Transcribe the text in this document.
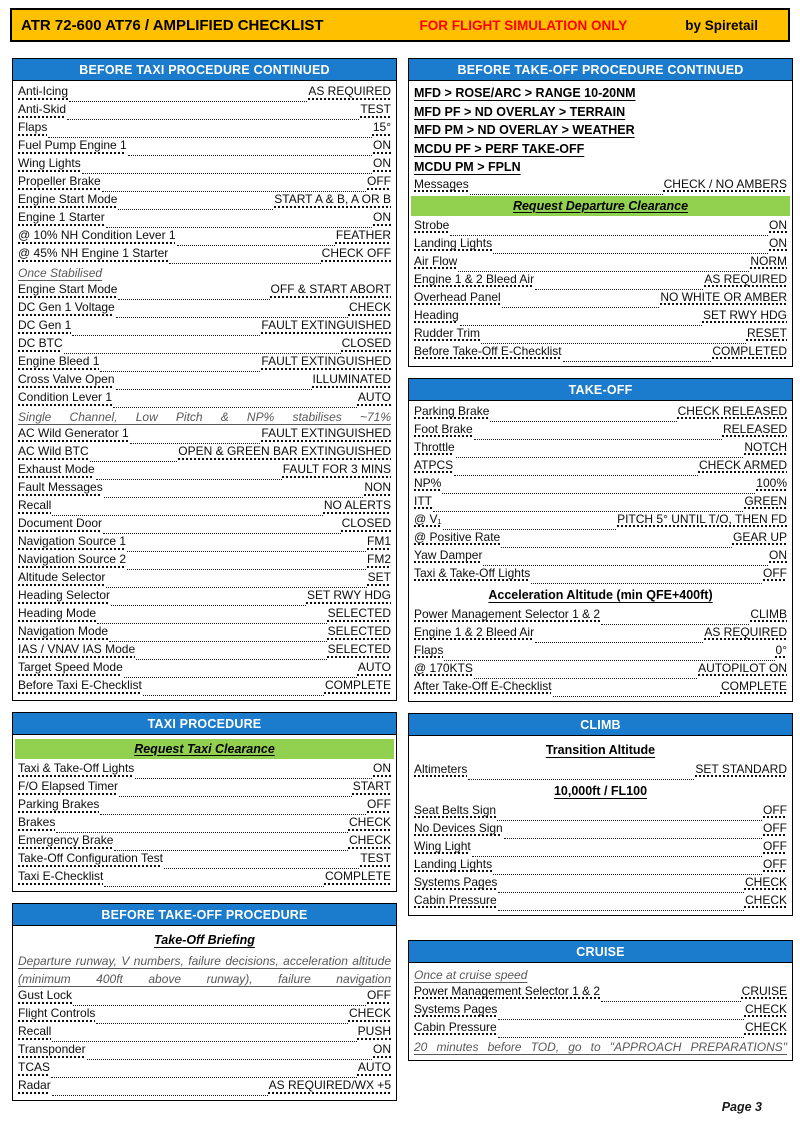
ATR 72-600 AT76 / AMPLIFIED CHECKLIST	FOR FLIGHT SIMULATION ONLY	by Spiretail
BEFORE TAXI PROCEDURE CONTINUED
Anti-Icing	AS REQUIRED
Anti-Skid	TEST
Flaps	15°
Fuel Pump Engine 1	ON
Wing Lights	ON
Propeller Brake	OFF
Engine Start Mode	START A & B, A OR B
Engine 1 Starter	ON
@ 10% NH Condition Lever 1	FEATHER
@ 45% NH Engine 1 Starter	CHECK OFF
Once Stabilised
Engine Start Mode	OFF & START ABORT
DC Gen 1 Voltage	CHECK
DC Gen 1	FAULT EXTINGUISHED
DC BTC	CLOSED
Engine Bleed 1	FAULT EXTINGUISHED
Cross Valve Open	ILLUMINATED
Condition Lever 1	AUTO
Single Channel, Low Pitch & NP% stabilises ~71%
AC Wild Generator 1	FAULT EXTINGUISHED
AC Wild BTC	OPEN & GREEN BAR EXTINGUISHED
Exhaust Mode	FAULT FOR 3 MINS
Fault Messages	NON
Recall	NO ALERTS
Document Door	CLOSED
Navigation Source 1	FM1
Navigation Source 2	FM2
Altitude Selector	SET
Heading Selector	SET RWY HDG
Heading Mode	SELECTED
Navigation Mode	SELECTED
IAS / VNAV IAS Mode	SELECTED
Target Speed Mode	AUTO
Before Taxi E-Checklist	COMPLETE
TAXI PROCEDURE
Request Taxi Clearance
Taxi & Take-Off Lights	ON
F/O Elapsed Timer	START
Parking Brakes	OFF
Brakes	CHECK
Emergency Brake	CHECK
Take-Off Configuration Test	TEST
Taxi E-Checklist	COMPLETE
BEFORE TAKE-OFF PROCEDURE
Take-Off Briefing
Departure runway, V numbers, failure decisions, acceleration altitude (minimum 400ft above runway), failure navigation
Gust Lock	OFF
Flight Controls	CHECK
Recall	PUSH
Transponder	ON
TCAS	AUTO
Radar	AS REQUIRED/WX +5
BEFORE TAKE-OFF PROCEDURE CONTINUED
MFD > ROSE/ARC > RANGE 10-20NM
MFD PF > ND OVERLAY > TERRAIN
MFD PM > ND OVERLAY > WEATHER
MCDU PF > PERF TAKE-OFF
MCDU PM > FPLN
Messages	CHECK / NO AMBERS
Request Departure Clearance
Strobe	ON
Landing Lights	ON
Air Flow	NORM
Engine 1 & 2 Bleed Air	AS REQUIRED
Overhead Panel	NO WHITE OR AMBER
Heading	SET RWY HDG
Rudder Trim	RESET
Before Take-Off E-Checklist	COMPLETED
TAKE-OFF
Parking Brake	CHECK RELEASED
Foot Brake	RELEASED
Throttle	NOTCH
ATPCS	CHECK ARMED
NP%	100%
ITT	GREEN
@ V₁	PITCH 5° UNTIL T/O, THEN FD
@ Positive Rate	GEAR UP
Yaw Damper	ON
Taxi & Take-Off Lights	OFF
Acceleration Altitude (min QFE+400ft)
Power Management Selector 1 & 2	CLIMB
Engine 1 & 2 Bleed Air	AS REQUIRED
Flaps	0°
@ 170KTS	AUTOPILOT ON
After Take-Off E-Checklist	COMPLETE
CLIMB
Transition Altitude
Altimeters	SET STANDARD
10,000ft / FL100
Seat Belts Sign	OFF
No Devices Sign	OFF
Wing Light	OFF
Landing Lights	OFF
Systems Pages	CHECK
Cabin Pressure	CHECK
CRUISE
Once at cruise speed
Power Management Selector 1 & 2	CRUISE
Systems Pages	CHECK
Cabin Pressure	CHECK
20 minutes before TOD, go to "APPROACH PREPARATIONS"
Page 3
